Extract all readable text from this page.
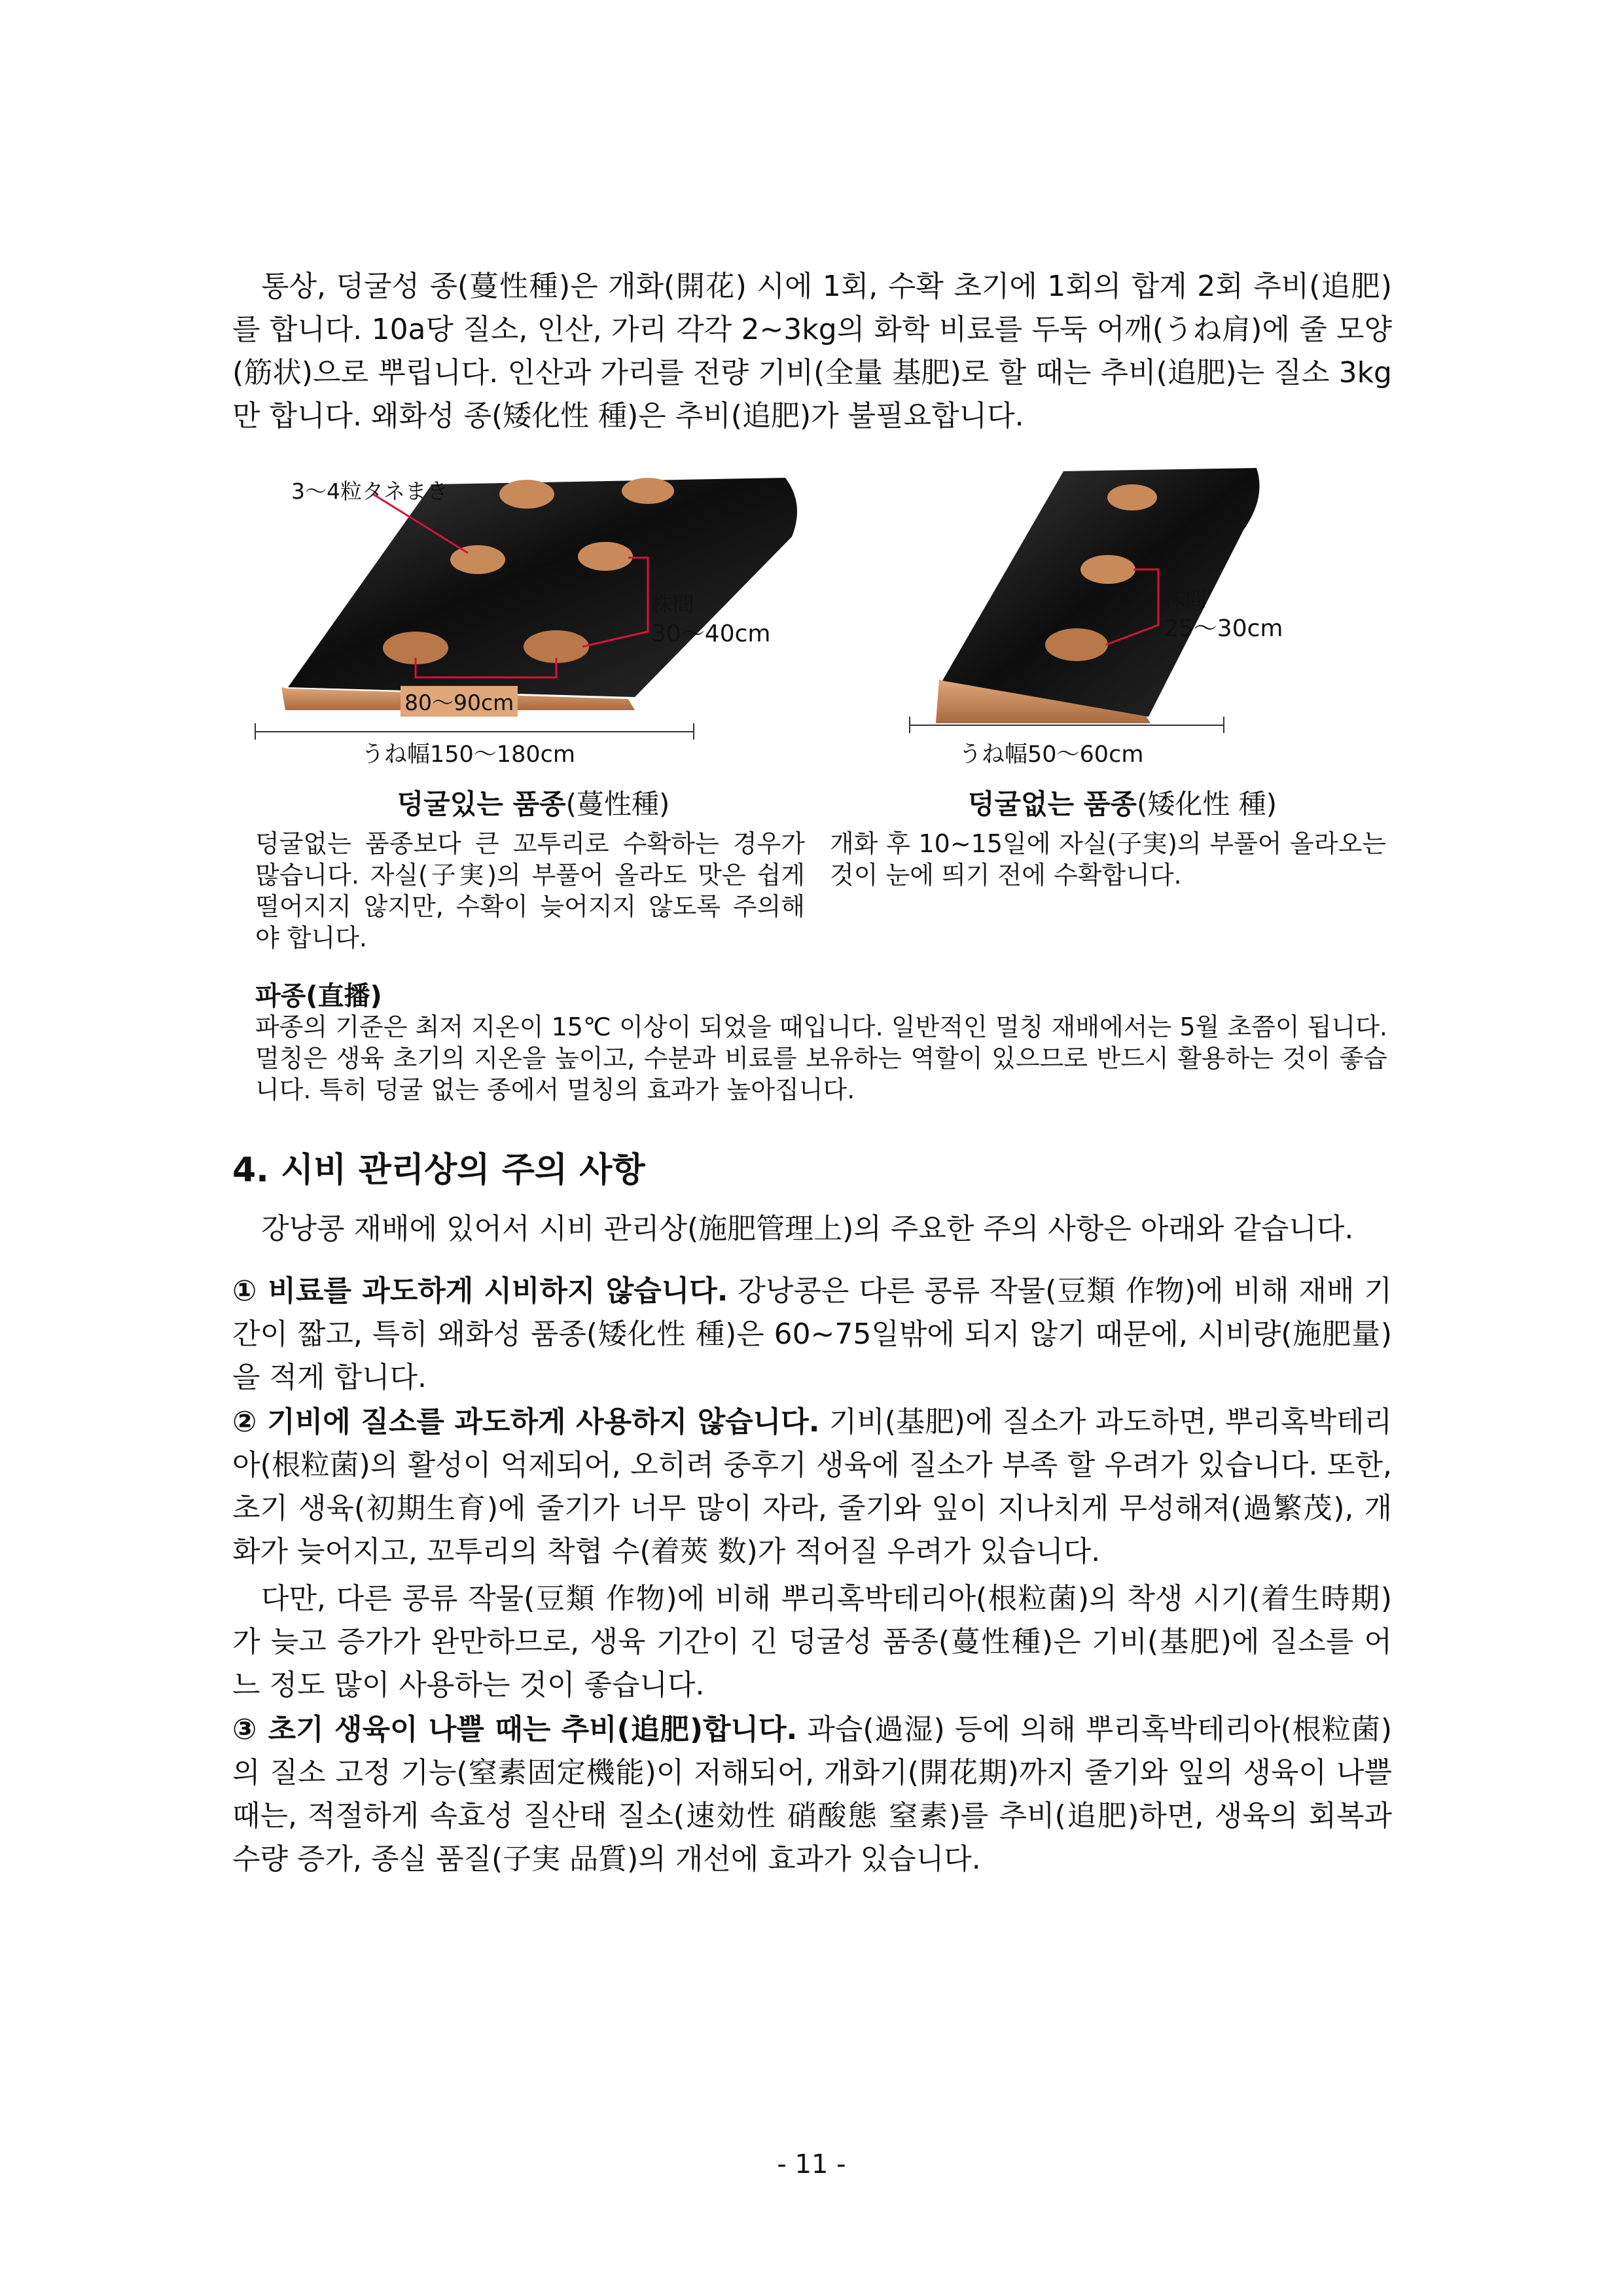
통상, 덩굴성 종(蔓性種)은 개화(開花) 시에 1회, 수확 초기에 1회의 합계 2회 추비(追肥)를 합니다. 10a당 질소, 인산, 가리 각각 2~3kg의 화학 비료를 두둑 어깨(うね肩)에 줄 모양(筋状)으로 뿌립니다. 인산과 가리를 전량 기비(全量 基肥)로 할 때는 추비(追肥)는 질소 3kg만 합니다. 왜화성 종(矮化性 種)은 추비(追肥)가 불필요합니다.

3～4粒タネまき
株間
30～40cm
80～90cm
うね幅150～180cm
株間
25～30cm
うね幅50～60cm
덩굴있는 품종(蔓性種)	덩굴없는 품종(矮化性 種)

덩굴없는 품종보다 큰 꼬투리로 수확하는 경우가 많습니다. 자실(子実)의 부풀어 올라도 맛은 쉽게 떨어지지 않지만, 수확이 늦어지지 않도록 주의해야 합니다.

개화 후 10~15일에 자실(子実)의 부풀어 올라오는 것이 눈에 띄기 전에 수확합니다.

파종(直播)

파종의 기준은 최저 지온이 15℃ 이상이 되었을 때입니다. 일반적인 멀칭 재배에서는 5월 초쯤이 됩니다. 멀칭은 생육 초기의 지온을 높이고, 수분과 비료를 보유하는 역할이 있으므로 반드시 활용하는 것이 좋습니다. 특히 덩굴 없는 종에서 멀칭의 효과가 높아집니다.

4. 시비 관리상의 주의 사항

강낭콩 재배에 있어서 시비 관리상(施肥管理上)의 주요한 주의 사항은 아래와 같습니다.

① 비료를 과도하게 시비하지 않습니다. 강낭콩은 다른 콩류 작물(豆類 作物)에 비해 재배 기간이 짧고, 특히 왜화성 품종(矮化性 種)은 60~75일밖에 되지 않기 때문에, 시비량(施肥量)을 적게 합니다.

② 기비에 질소를 과도하게 사용하지 않습니다. 기비(基肥)에 질소가 과도하면, 뿌리혹박테리아(根粒菌)의 활성이 억제되어, 오히려 중후기 생육에 질소가 부족 할 우려가 있습니다. 또한, 초기 생육(初期生育)에 줄기가 너무 많이 자라, 줄기와 잎이 지나치게 무성해져(過繁茂), 개화가 늦어지고, 꼬투리의 착협 수(着莢 数)가 적어질 우려가 있습니다.

다만, 다른 콩류 작물(豆類 作物)에 비해 뿌리혹박테리아(根粒菌)의 착생 시기(着生時期)가 늦고 증가가 완만하므로, 생육 기간이 긴 덩굴성 품종(蔓性種)은 기비(基肥)에 질소를 어느 정도 많이 사용하는 것이 좋습니다.

③ 초기 생육이 나쁠 때는 추비(追肥)합니다. 과습(過湿) 등에 의해 뿌리혹박테리아(根粒菌)의 질소 고정 기능(窒素固定機能)이 저해되어, 개화기(開花期)까지 줄기와 잎의 생육이 나쁠 때는, 적절하게 속효성 질산태 질소(速効性 硝酸態 窒素)를 추비(追肥)하면, 생육의 회복과 수량 증가, 종실 품질(子実 品質)의 개선에 효과가 있습니다.

- 11 -
